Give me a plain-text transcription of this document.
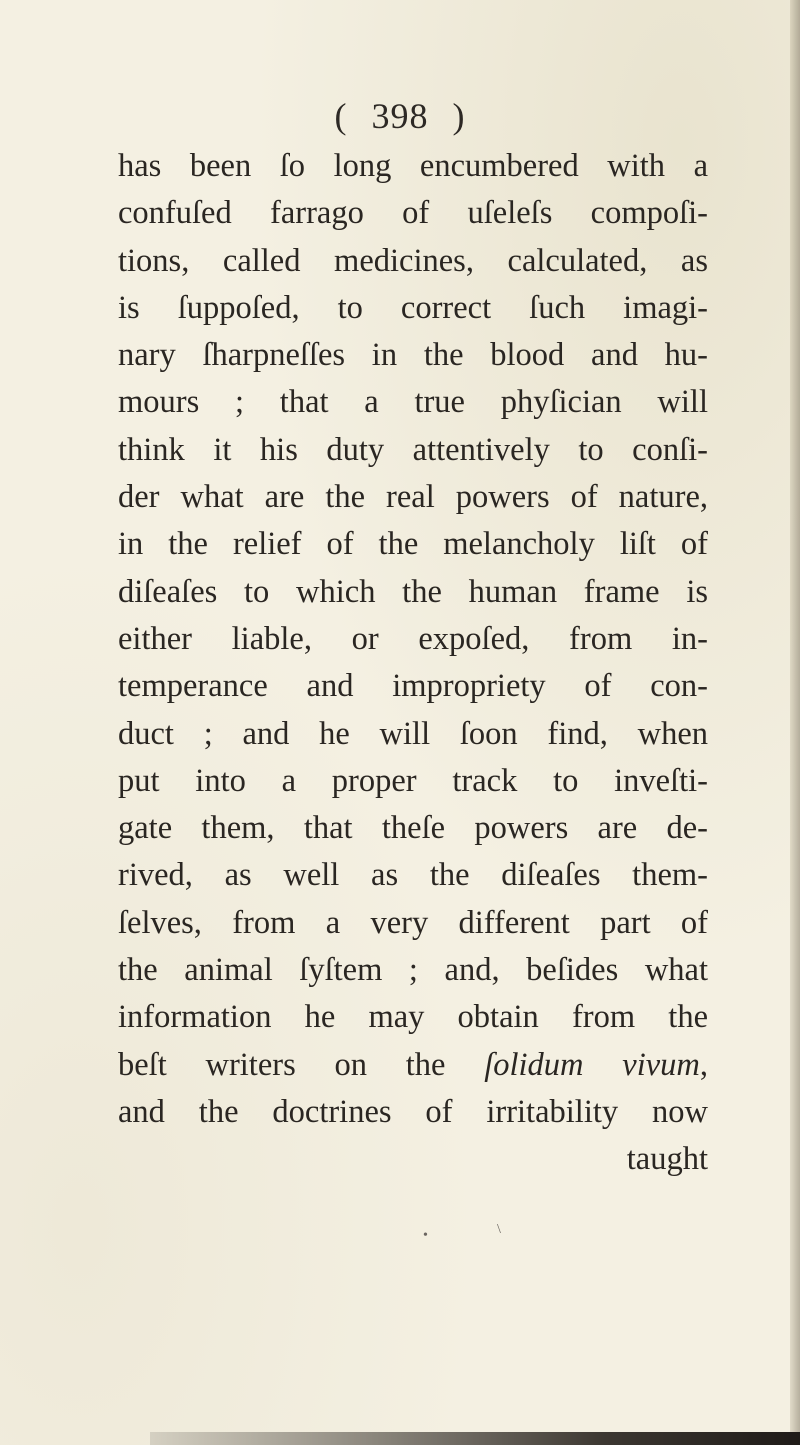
( 398 )
has been ſo long encumbered with a
confuſed farrago of uſeleſs compoſi-
tions, called medicines, calculated, as
is ſuppoſed, to correct ſuch imagi-
nary ſharpneſſes in the blood and hu-
mours ; that a true phyſician will
think it his duty attentively to conſi-
der what are the real powers of nature,
in the relief of the melancholy liſt of
diſeaſes to which the human frame is
either liable, or expoſed, from in-
temperance and impropriety of con-
duct ; and he will ſoon find, when
put into a proper track to inveſti-
gate them, that theſe powers are de-
rived, as well as the diſeaſes them-
ſelves, from a very different part of
the animal ſyſtem ; and, beſides what
information he may obtain from the
beſt writers on the ſolidum vivum,
and the doctrines of irritability now
taught
•	\
